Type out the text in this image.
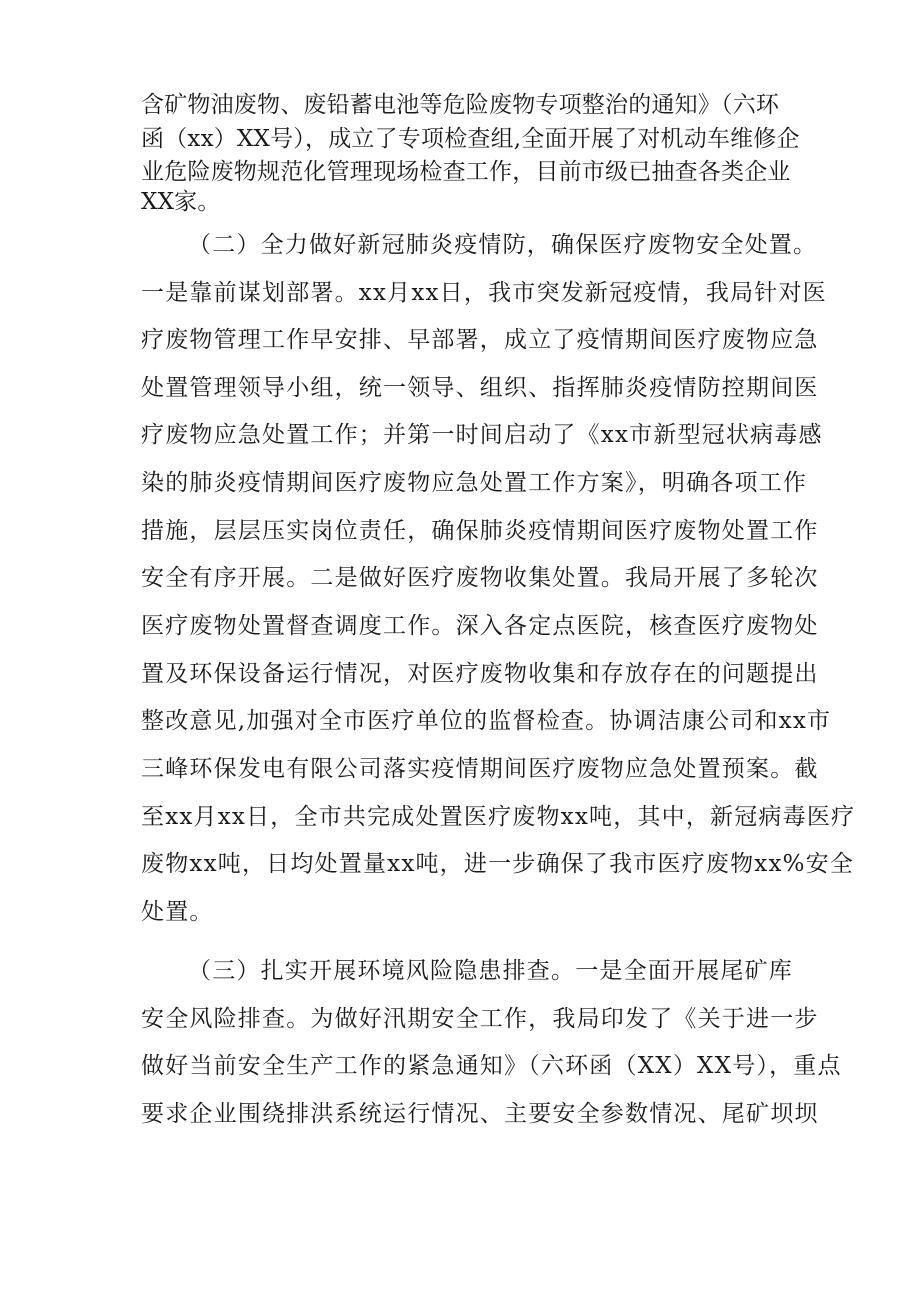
含矿物油废物、废铅蓄电池等危险废物专项整治的通知》（六环
函（xx）XX号），成立了专项检查组,全面开展了对机动车维修企
业危险废物规范化管理现场检查工作，目前市级已抽查各类企业
XX家。
（二）全力做好新冠肺炎疫情防，确保医疗废物安全处置。
一是靠前谋划部署。xx月xx日，我市突发新冠疫情，我局针对医
疗废物管理工作早安排、早部署，成立了疫情期间医疗废物应急
处置管理领导小组，统一领导、组织、指挥肺炎疫情防控期间医
疗废物应急处置工作；并第一时间启动了《xx市新型冠状病毒感
染的肺炎疫情期间医疗废物应急处置工作方案》，明确各项工作
措施，层层压实岗位责任，确保肺炎疫情期间医疗废物处置工作
安全有序开展。二是做好医疗废物收集处置。我局开展了多轮次
医疗废物处置督查调度工作。深入各定点医院，核查医疗废物处
置及环保设备运行情况，对医疗废物收集和存放存在的问题提出
整改意见,加强对全市医疗单位的监督检查。协调洁康公司和xx市
三峰环保发电有限公司落实疫情期间医疗废物应急处置预案。截
至xx月xx日，全市共完成处置医疗废物xx吨，其中，新冠病毒医疗
废物xx吨，日均处置量xx吨，进一步确保了我市医疗废物xx%安全
处置。
（三）扎实开展环境风险隐患排查。一是全面开展尾矿库
安全风险排查。为做好汛期安全工作，我局印发了《关于进一步
做好当前安全生产工作的紧急通知》（六环函（XX）XX号），重点
要求企业围绕排洪系统运行情况、主要安全参数情况、尾矿坝坝
